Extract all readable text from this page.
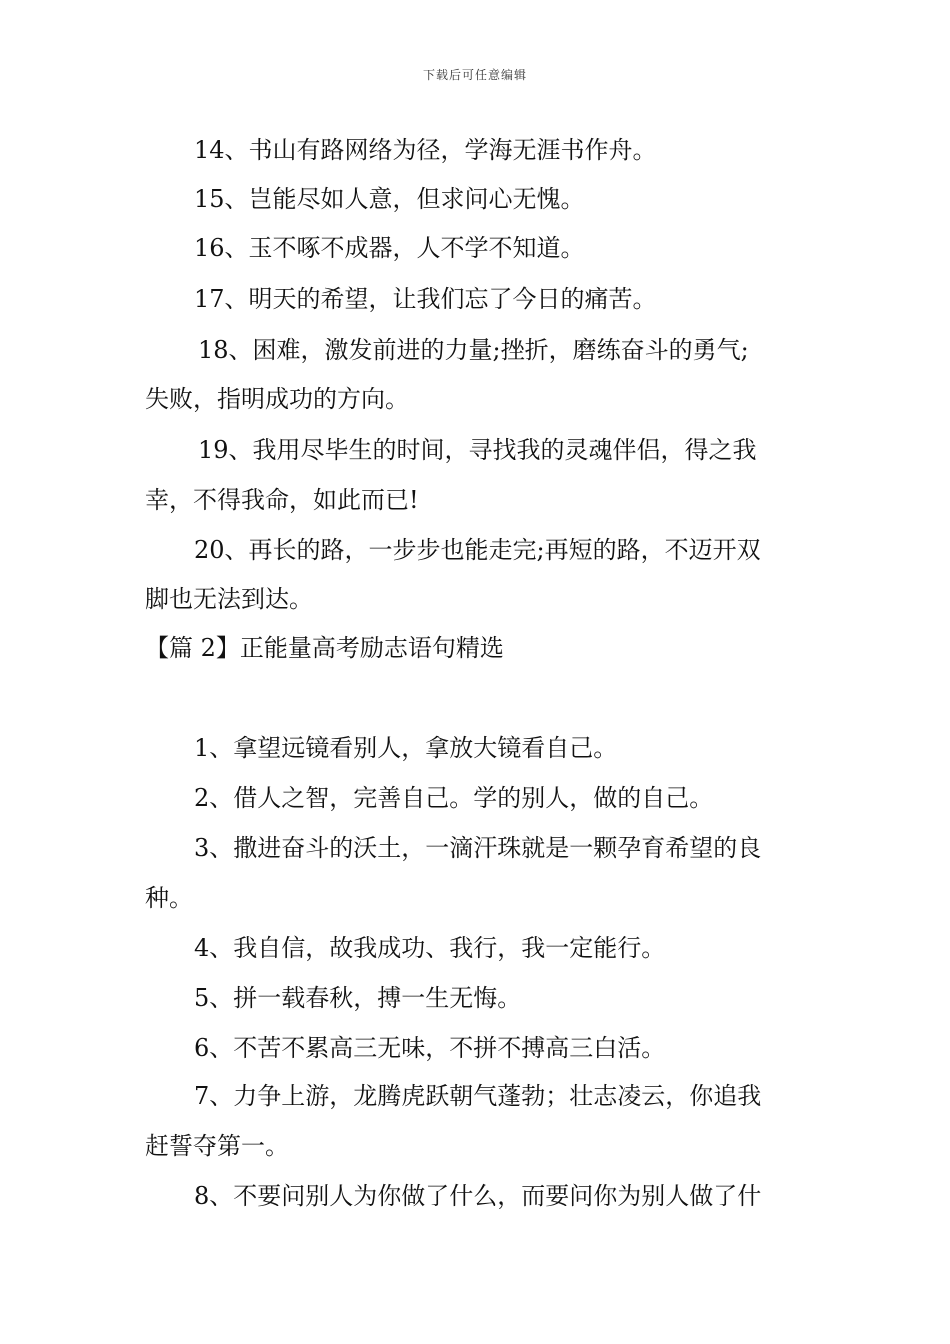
下载后可任意编辑
14、书山有路网络为径，学海无涯书作舟。
15、岂能尽如人意，但求问心无愧。
16、玉不啄不成器，人不学不知道。
17、明天的希望，让我们忘了今日的痛苦。
18、困难，激发前进的力量;挫折，磨练奋斗的勇气;
失败，指明成功的方向。
19、我用尽毕生的时间，寻找我的灵魂伴侣，得之我
幸，不得我命，如此而已!
20、再长的路，一步步也能走完;再短的路，不迈开双
脚也无法到达。
【篇 2】正能量高考励志语句精选
1、拿望远镜看别人，拿放大镜看自己。
2、借人之智，完善自己。学的别人，做的自己。
3、撒进奋斗的沃土，一滴汗珠就是一颗孕育希望的良
种。
4、我自信，故我成功、我行，我一定能行。
5、拼一载春秋，搏一生无悔。
6、不苦不累高三无味，不拼不搏高三白活。
7、力争上游，龙腾虎跃朝气蓬勃；壮志凌云，你追我
赶誓夺第一。
8、不要问别人为你做了什么，而要问你为别人做了什
